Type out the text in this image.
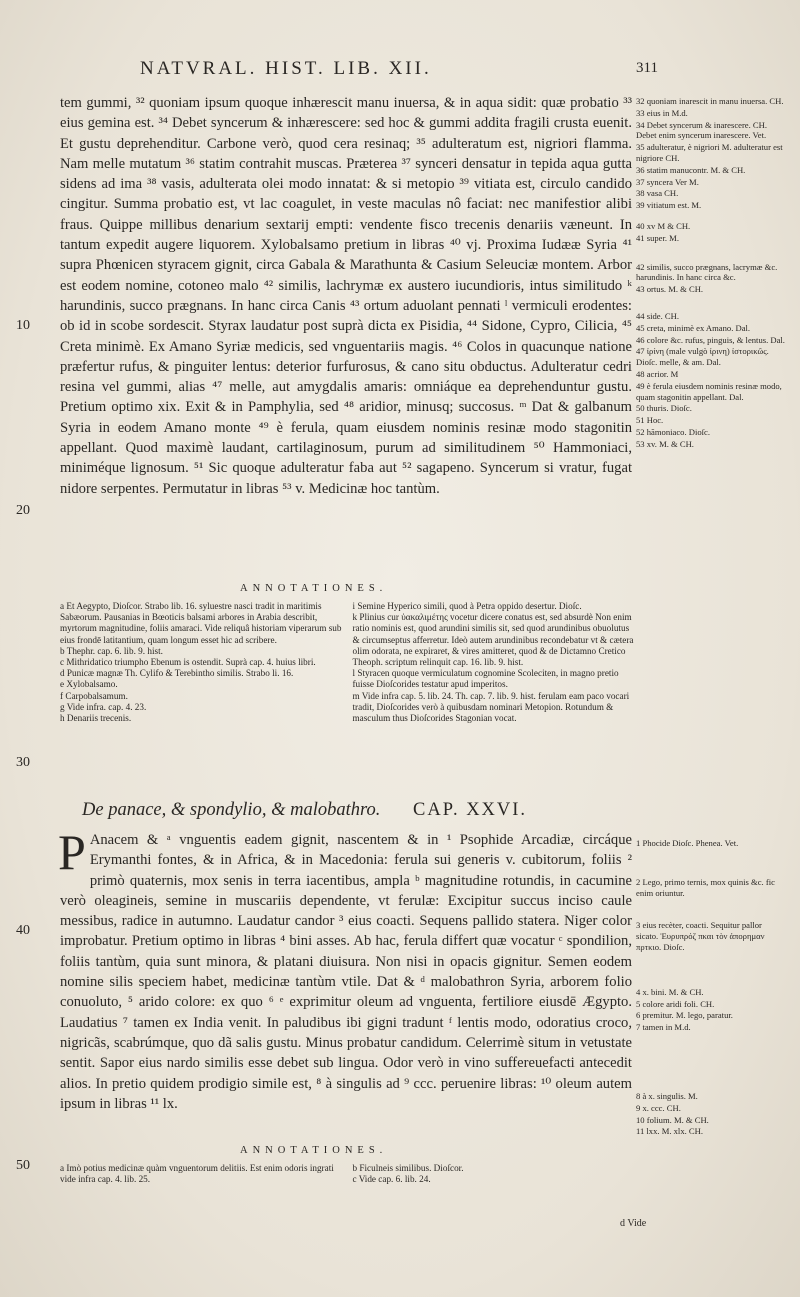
NATVRAL. HIST. LIB. XII.	311
10
20
30
40
50

tem gummi, ³² quoniam ipsum quoque inhærescit manu inuersa, & in aqua sidit: quæ probatio ³³ eius gemina est. ³⁴ Debet syncerum & inhærescere: sed hoc & gummi addita fragili crusta euenit. Et gustu deprehenditur. Carbone verò, quod cera resinaq; ³⁵ adulteratum est, nigriori flamma. Nam melle mutatum ³⁶ statim contrahit muscas. Præterea ³⁷ synceri densatur in tepida aqua gutta sidens ad ima ³⁸ vasis, adulterata olei modo innatat: & si metopio ³⁹ vitiata est, circulo candido cingitur. Summa probatio est, vt lac coagulet, in veste maculas nô faciat: nec manifestior alibi fraus. Quippe millibus denarium sextarij empti: vendente fisco trecenis denariis væneunt. In tantum expedit augere liquorem. Xylobalsamo pretium in libras ⁴⁰ vj. Proxima Iudææ Syria ⁴¹ supra Phœnicen styracem gignit, circa Gabala & Marathunta & Casium Seleuciæ montem. Arbor est eodem nomine, cotoneo malo ⁴² similis, lachrymæ ex austero iucundioris, intus similitudo ᵏ harundinis, succo prægnans. In hanc circa Canis ⁴³ ortum aduolant pennati ˡ vermiculi erodentes: ob id in scobe sordescit. Styrax laudatur post suprà dicta ex Pisidia, ⁴⁴ Sidone, Cypro, Cilicia, ⁴⁵ Creta minimè. Ex Amano Syriæ medicis, sed vnguentariis magis. ⁴⁶ Colos in quacunque natione præfertur rufus, & pinguiter lentus: deterior furfurosus, & cano situ obductus. Adulteratur cedri resina vel gummi, alias ⁴⁷ melle, aut amygdalis amaris: omniáque ea deprehenduntur gustu. Pretium optimo xix. Exit & in Pamphylia, sed ⁴⁸ aridior, minusq; succosus. ᵐ Dat & galbanum Syria in eodem Amano monte ⁴⁹ è ferula, quam eiusdem nominis resinæ modo stagonitin appellant. Quod maximè laudant, cartilaginosum, purum ad similitudinem ⁵⁰ Hammoniaci, miniméque lignosum. ⁵¹ Sic quoque adulteratur faba aut ⁵² sagapeno. Syncerum si vratur, fugat nidore serpentes. Permutatur in libras ⁵³ v. Medicinæ hoc tantùm.

32 quoniam inarescit in manu inuersa. CH.

33 eius in M.d.

34 Debet syncerum & inarescere. CH. Debet enim syncerum inarescere. Vet.

35 adulteratur, è nigriori M. adulteratur est nigriore CH.

36 statim manucontr. M. & CH.

37 syncera Ver M.

38 vasa CH.

39 vitiatum est. M.

40 xv M & CH.

41 super. M.

42 similis, succo prægnans, lacrymæ &c. harundinis. In hanc circa &c.

43 ortus. M. & CH.

44 side. CH.

45 creta, minimè ex Amano. Dal.

46 colore &c. rufus, pinguis, & lentus. Dal.

47 ἰρίνη (male vulgò ἰρινη) ἰστορικῶς. Dioſc. melle, & am. Dal.

48 acrior. M

49 è ferula eiusdem nominis resinæ modo, quam stagonitin appellant. Dal.

50 thuris. Dioſc.

51 Hoc.

52 hãmoniaco. Dioſc.

53 xv. M. & CH.

ANNOTATIONES.

a Et Aegypto, Dioſcor. Strabo lib. 16. syluestre nasci tradit in maritimis Sabæorum. Pausanias in Bœoticis balsami arbores in Arabia describit, myrtorum magnitudine, foliis amaraci. Vide reliquâ historiam viperarum sub eius frondē latitantium, quam longum esset hic ad scribere.

b Thephr. cap. 6. lib. 9. hist.

c Mithridatico triumpho Ebenum is ostendit. Suprà cap. 4. huius libri.

d Punicæ magnæ Th. Cylifo & Terebintho similis. Strabo li. 16.

e Xylobalsamo.

f Carpobalsamum.

g Vide infra. cap. 4. 23.

h Denariis trecenis.

i Semine Hyperico simili, quod à Petra oppido desertur. Dioſc.

k Plinius cur ὑακαλιμέτης vocetur dicere conatus est, sed absurdè Non enim ratio nominis est, quod arundini similis sit, sed quod arundinibus obuolutus & circumseptus afferretur. Ideò autem arundinibus recondebatur vt & cætera olim odorata, ne expiraret, & vires amitteret, quod & de Dictamno Cretico Theoph. scriptum relinquit cap. 16. lib. 9. hist.

l Styracen quoque vermiculatum cognomine Scoleciten, in magno pretio fuisse Dioſcorides testatur apud imperitos.

m Vide infra cap. 5. lib. 24. Th. cap. 7. lib. 9. hist. ferulam eam paco vocari tradit, Dioſcorides verò à quibusdam nominari Metopion. Rotundum & masculum thus Dioſcorides Stagonian vocat.

De panace, & spondylio, & malobathro. CAP. XXVI.

P Anacem & ᵃ vnguentis eadem gignit, nascentem & in ¹ Psophide Arcadiæ, circáque Erymanthi fontes, & in Africa, & in Macedonia: ferula sui generis v. cubitorum, foliis ² primò quaternis, mox senis in terra iacentibus, ampla ᵇ magnitudine rotundis, in cacumine verò oleagineis, semine in muscariis dependente, vt ferulæ: Excipitur succus inciso caule messibus, radice in autumno. Laudatur candor ³ eius coacti. Sequens pallido statera. Niger color improbatur. Pretium optimo in libras ⁴ bini asses. Ab hac, ferula differt quæ vocatur ᶜ spondilion, foliis tantùm, quia sunt minora, & platani diuisura. Non nisi in opacis gignitur. Semen eodem nomine silis speciem habet, medicinæ tantùm vtile. Dat & ᵈ malobathron Syria, arborem folio conuoluto, ⁵ arido colore: ex quo ⁶ ᵉ exprimitur oleum ad vnguenta, fertiliore eiusdē Ægypto. Laudatius ⁷ tamen ex India venit. In paludibus ibi gigni tradunt ᶠ lentis modo, odoratius croco, nigricãs, scabrúmque, quo dã salis gustu. Minus probatur candidum. Celerrimè situm in vetustate sentit. Sapor eius nardo similis esse debet sub lingua. Odor verò in vino suffereuefacti antecedit alios. In pretio quidem prodigio simile est, ⁸ à singulis ad ⁹ ccc. peruenire libras: ¹⁰ oleum autem ipsum in libras ¹¹ lx.

1 Phocide Dioſc. Phenea. Vet.

2 Lego, primo ternis, mox quinis &c. fic enim oriuntur.

3 eius recèter, coacti. Sequitur pallor sicato. Ἐυρυπρόζ πκαι τὸν ἀπορημαν πρτκιο. Dioſc.

4 x. bini. M. & CH.

5 colore aridi foli. CH.

6 premitur. M. lego, paratur.

7 tamen in M.d.

8 à x. singulis. M.

9 x. ccc. CH.

10 folium. M. & CH.

11 lxx. M. xlx. CH.

ANNOTATIONES.

a Imò potius medicinæ quàm vnguentorum delitiis. Est enim odoris ingrati vide infra cap. 4. lib. 25.

b Ficulneis similibus. Dioſcor.

c Vide cap. 6. lib. 24.

d Vide
